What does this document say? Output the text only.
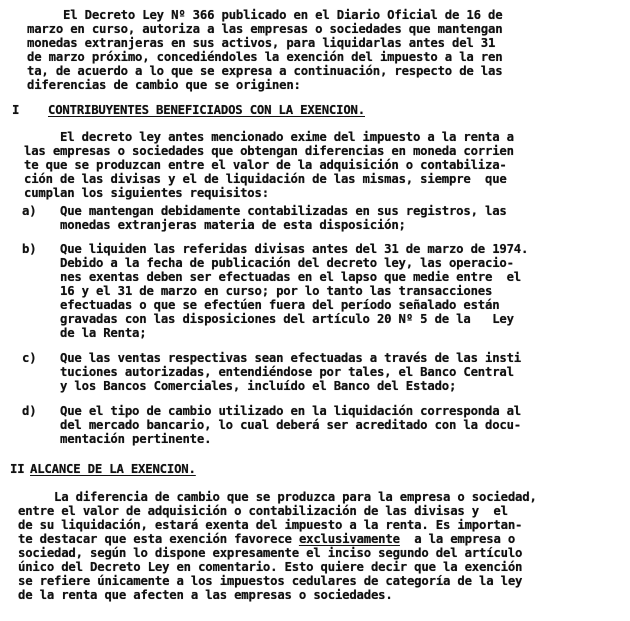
El Decreto Ley Nº 366 publicado en el Diario Oficial de 16 de
marzo en curso, autoriza a las empresas o sociedades que mantengan
monedas extranjeras en sus activos, para liquidarlas antes del 31
de marzo próximo, concediéndoles la exención del impuesto a la ren
ta, de acuerdo a lo que se expresa a continuación, respecto de las
diferencias de cambio que se originen:
I CONTRIBUYENTES BENEFICIADOS CON LA EXENCION.
El decreto ley antes mencionado exime del impuesto a la renta a
las empresas o sociedades que obtengan diferencias en moneda corrien
te que se produzcan entre el valor de la adquisición o contabiliza-
ción de las divisas y el de liquidación de las mismas, siempre  que
cumplan los siguientes requisitos:
a) Que mantengan debidamente contabilizadas en sus registros, las
monedas extranjeras materia de esta disposición;
b) Que liquiden las referidas divisas antes del 31 de marzo de 1974.
Debido a la fecha de publicación del decreto ley, las operacio-
nes exentas deben ser efectuadas en el lapso que medie entre  el
16 y el 31 de marzo en curso; por lo tanto las transacciones
efectuadas o que se efectúen fuera del período señalado están
gravadas con las disposiciones del artículo 20 Nº 5 de la   Ley
de la Renta;
c) Que las ventas respectivas sean efectuadas a través de las insti
tuciones autorizadas, entendiéndose por tales, el Banco Central
y los Bancos Comerciales, incluído el Banco del Estado;
d) Que el tipo de cambio utilizado en la liquidación corresponda al
del mercado bancario, lo cual deberá ser acreditado con la docu-
mentación pertinente.
II ALCANCE DE LA EXENCION.
La diferencia de cambio que se produzca para la empresa o sociedad,
entre el valor de adquisición o contabilización de las divisas y  el
de su liquidación, estará exenta del impuesto a la renta. Es importan-
te destacar que esta exención favorece exclusivamente  a la empresa o
sociedad, según lo dispone expresamente el inciso segundo del artículo
único del Decreto Ley en comentario. Esto quiere decir que la exención
se refiere únicamente a los impuestos cedulares de categoría de la ley
de la renta que afecten a las empresas o sociedades.
